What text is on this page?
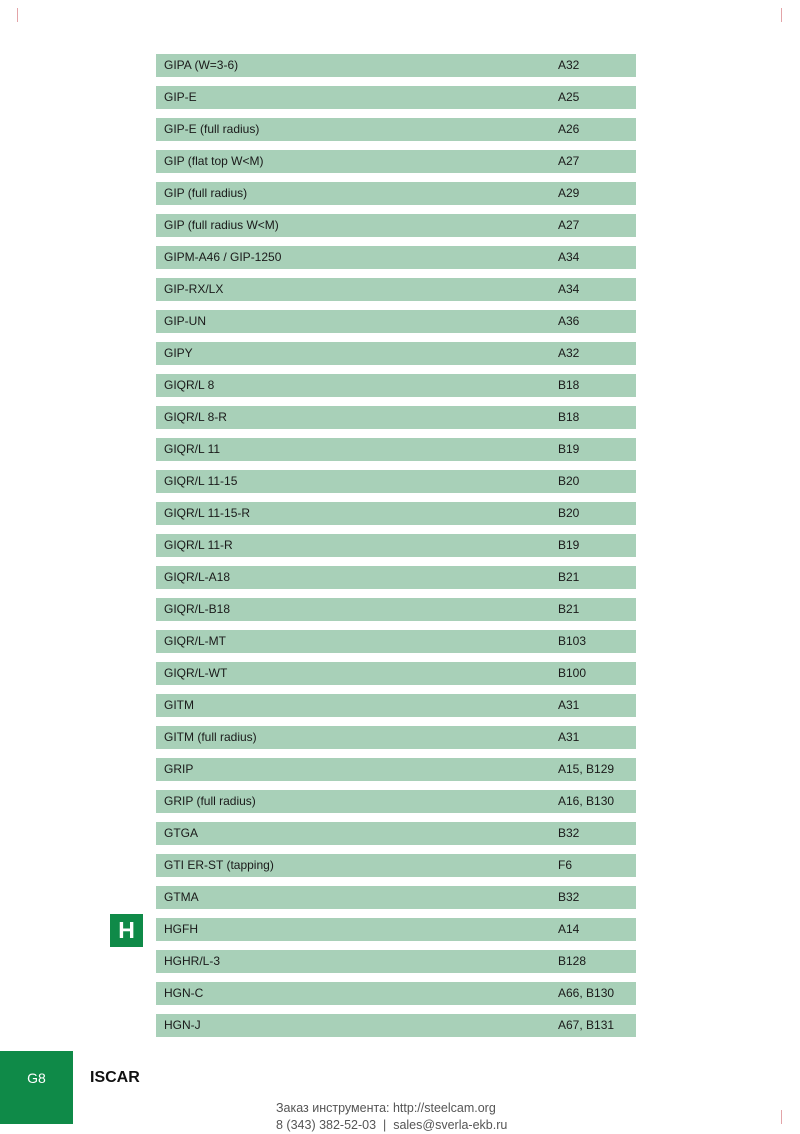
GIPA (W=3-6)	A32
GIP-E	A25
GIP-E (full radius)	A26
GIP (flat top W<M)	A27
GIP (full radius)	A29
GIP (full radius W<M)	A27
GIPM-A46 / GIP-1250	A34
GIP-RX/LX	A34
GIP-UN	A36
GIPY	A32
GIQR/L 8	B18
GIQR/L 8-R	B18
GIQR/L 11	B19
GIQR/L 11-15	B20
GIQR/L 11-15-R	B20
GIQR/L 11-R	B19
GIQR/L-A18	B21
GIQR/L-B18	B21
GIQR/L-MT	B103
GIQR/L-WT	B100
GITM	A31
GITM (full radius)	A31
GRIP	A15, B129
GRIP (full radius)	A16, B130
GTGA	B32
GTI ER-ST (tapping)	F6
GTMA	B32
HGFH	A14
HGHR/L-3	B128
HGN-C	A66, B130
HGN-J	A67, B131
H
G8	ISCAR
Заказ инструмента: http://steelcam.org
8 (343) 382-52-03  |  sales@sverla-ekb.ru
